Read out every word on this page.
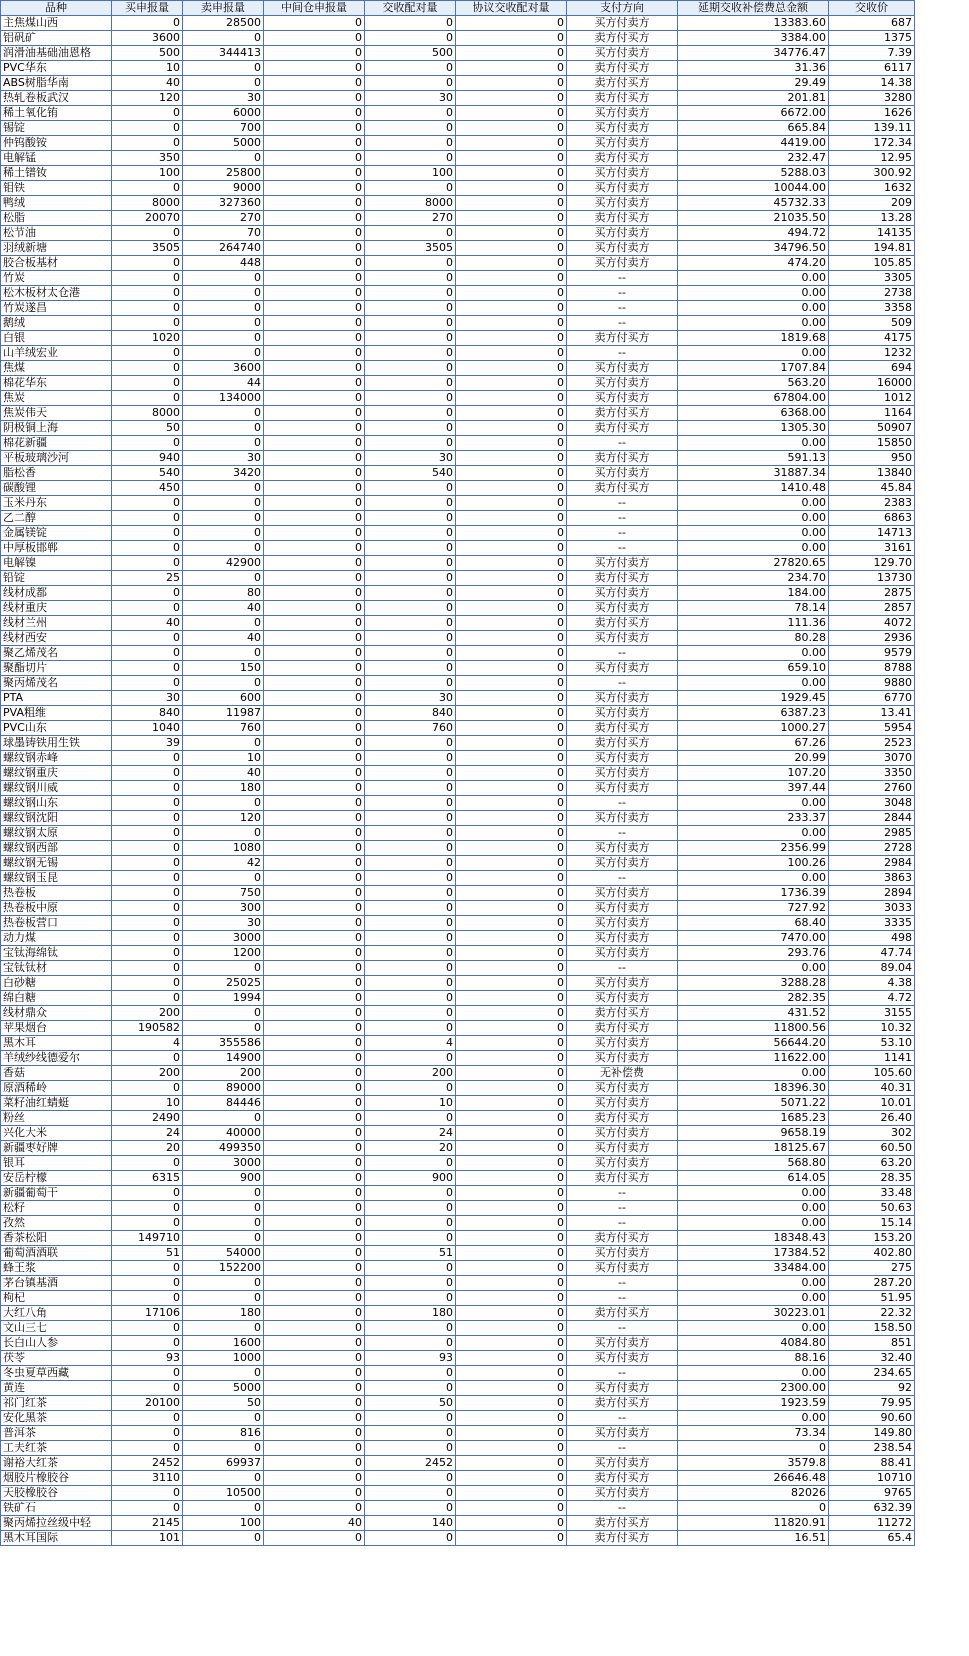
品种	买申报量	卖申报量	中间仓申报量	交收配对量	协议交收配对量	支付方向	延期交收补偿费总金额	交收价
主焦煤山西	0	28500	0	0	0	买方付卖方	13383.60	687
铝矾矿	3600	0	0	0	0	卖方付买方	3384.00	1375
润滑油基础油恩格	500	344413	0	500	0	买方付卖方	34776.47	7.39
PVC华东	10	0	0	0	0	卖方付买方	31.36	6117
ABS树脂华南	40	0	0	0	0	卖方付买方	29.49	14.38
热轧卷板武汉	120	30	0	30	0	卖方付买方	201.81	3280
稀土氧化铕	0	6000	0	0	0	买方付卖方	6672.00	1626
锡锭	0	700	0	0	0	买方付卖方	665.84	139.11
仲钨酸铵	0	5000	0	0	0	买方付卖方	4419.00	172.34
电解锰	350	0	0	0	0	卖方付买方	232.47	12.95
稀土镨钕	100	25800	0	100	0	买方付卖方	5288.03	300.92
钼铁	0	9000	0	0	0	买方付卖方	10044.00	1632
鸭绒	8000	327360	0	8000	0	买方付卖方	45732.33	209
松脂	20070	270	0	270	0	卖方付买方	21035.50	13.28
松节油	0	70	0	0	0	买方付卖方	494.72	14135
羽绒新塘	3505	264740	0	3505	0	买方付卖方	34796.50	194.81
胶合板基材	0	448	0	0	0	买方付卖方	474.20	105.85
竹炭	0	0	0	0	0	--	0.00	3305
松木板材太仓港	0	0	0	0	0	--	0.00	2738
竹炭遂昌	0	0	0	0	0	--	0.00	3358
鹅绒	0	0	0	0	0	--	0.00	509
白银	1020	0	0	0	0	卖方付买方	1819.68	4175
山羊绒宏业	0	0	0	0	0	--	0.00	1232
焦煤	0	3600	0	0	0	买方付卖方	1707.84	694
棉花华东	0	44	0	0	0	买方付卖方	563.20	16000
焦炭	0	134000	0	0	0	买方付卖方	67804.00	1012
焦炭伟天	8000	0	0	0	0	卖方付买方	6368.00	1164
阴极铜上海	50	0	0	0	0	卖方付买方	1305.30	50907
棉花新疆	0	0	0	0	0	--	0.00	15850
平板玻璃沙河	940	30	0	30	0	卖方付买方	591.13	950
脂松香	540	3420	0	540	0	买方付卖方	31887.34	13840
碳酸锂	450	0	0	0	0	卖方付买方	1410.48	45.84
玉米丹东	0	0	0	0	0	--	0.00	2383
乙二醇	0	0	0	0	0	--	0.00	6863
金属镁锭	0	0	0	0	0	--	0.00	14713
中厚板邯郸	0	0	0	0	0	--	0.00	3161
电解镍	0	42900	0	0	0	买方付卖方	27820.65	129.70
铅锭	25	0	0	0	0	卖方付买方	234.70	13730
线材成都	0	80	0	0	0	买方付卖方	184.00	2875
线材重庆	0	40	0	0	0	买方付卖方	78.14	2857
线材兰州	40	0	0	0	0	卖方付买方	111.36	4072
线材西安	0	40	0	0	0	买方付卖方	80.28	2936
聚乙烯茂名	0	0	0	0	0	--	0.00	9579
聚酯切片	0	150	0	0	0	买方付卖方	659.10	8788
聚丙烯茂名	0	0	0	0	0	--	0.00	9880
PTA	30	600	0	30	0	买方付卖方	1929.45	6770
PVA粗维	840	11987	0	840	0	买方付卖方	6387.23	13.41
PVC山东	1040	760	0	760	0	卖方付买方	1000.27	5954
球墨铸铁用生铁	39	0	0	0	0	卖方付买方	67.26	2523
螺纹钢赤峰	0	10	0	0	0	买方付卖方	20.99	3070
螺纹钢重庆	0	40	0	0	0	买方付卖方	107.20	3350
螺纹钢川威	0	180	0	0	0	买方付卖方	397.44	2760
螺纹钢山东	0	0	0	0	0	--	0.00	3048
螺纹钢沈阳	0	120	0	0	0	买方付卖方	233.37	2844
螺纹钢太原	0	0	0	0	0	--	0.00	2985
螺纹钢西部	0	1080	0	0	0	买方付卖方	2356.99	2728
螺纹钢无锡	0	42	0	0	0	买方付卖方	100.26	2984
螺纹钢玉昆	0	0	0	0	0	--	0.00	3863
热卷板	0	750	0	0	0	买方付卖方	1736.39	2894
热卷板中原	0	300	0	0	0	买方付卖方	727.92	3033
热卷板营口	0	30	0	0	0	买方付卖方	68.40	3335
动力煤	0	3000	0	0	0	买方付卖方	7470.00	498
宝钛海绵钛	0	1200	0	0	0	买方付卖方	293.76	47.74
宝钛钛材	0	0	0	0	0	--	0.00	89.04
白砂糖	0	25025	0	0	0	买方付卖方	3288.28	4.38
绵白糖	0	1994	0	0	0	买方付卖方	282.35	4.72
线材鼎众	200	0	0	0	0	卖方付买方	431.52	3155
苹果烟台	190582	0	0	0	0	卖方付买方	11800.56	10.32
黑木耳	4	355586	0	4	0	买方付卖方	56644.20	53.10
羊绒纱线德爱尔	0	14900	0	0	0	买方付卖方	11622.00	1141
香菇	200	200	0	200	0	无补偿费	0.00	105.60
原酒稀岭	0	89000	0	0	0	买方付卖方	18396.30	40.31
菜籽油红蜻蜓	10	84446	0	10	0	买方付卖方	5071.22	10.01
粉丝	2490	0	0	0	0	卖方付买方	1685.23	26.40
兴化大米	24	40000	0	24	0	买方付卖方	9658.19	302
新疆枣好牌	20	499350	0	20	0	买方付卖方	18125.67	60.50
银耳	0	3000	0	0	0	买方付卖方	568.80	63.20
安岳柠檬	6315	900	0	900	0	卖方付买方	614.05	28.35
新疆葡萄干	0	0	0	0	0	--	0.00	33.48
松籽	0	0	0	0	0	--	0.00	50.63
孜然	0	0	0	0	0	--	0.00	15.14
香茶松阳	149710	0	0	0	0	卖方付买方	18348.43	153.20
葡萄酒酒联	51	54000	0	51	0	买方付卖方	17384.52	402.80
蜂王浆	0	152200	0	0	0	买方付卖方	33484.00	275
茅台镇基酒	0	0	0	0	0	--	0.00	287.20
枸杞	0	0	0	0	0	--	0.00	51.95
大红八角	17106	180	0	180	0	卖方付买方	30223.01	22.32
文山三七	0	0	0	0	0	--	0.00	158.50
长白山人参	0	1600	0	0	0	买方付卖方	4084.80	851
茯苓	93	1000	0	93	0	买方付卖方	88.16	32.40
冬虫夏草西藏	0	0	0	0	0	--	0.00	234.65
黄连	0	5000	0	0	0	买方付卖方	2300.00	92
祁门红茶	20100	50	0	50	0	卖方付买方	1923.59	79.95
安化黑茶	0	0	0	0	0	--	0.00	90.60
普洱茶	0	816	0	0	0	买方付卖方	73.34	149.80
工夫红茶	0	0	0	0	0	--	0	238.54
谢裕大红茶	2452	69937	0	2452	0	买方付卖方	3579.8	88.41
烟胶片橡胶谷	3110	0	0	0	0	卖方付买方	26646.48	10710
天胶橡胶谷	0	10500	0	0	0	买方付卖方	82026	9765
铁矿石	0	0	0	0	0	--	0	632.39
聚丙烯拉丝级中轻	2145	100	40	140	0	卖方付买方	11820.91	11272
黑木耳国际	101	0	0	0	0	卖方付买方	16.51	65.4
